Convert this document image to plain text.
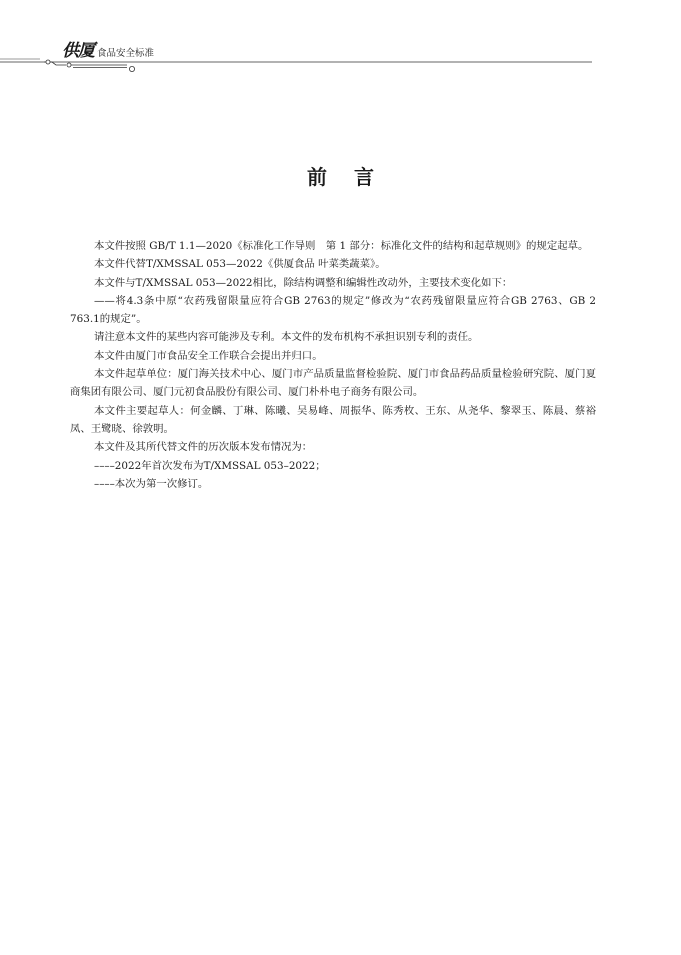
供厦 食品安全标准
前 言

本文件按照 GB/T 1.1—2020《标准化工作导则　第 1 部分：标准化文件的结构和起草规则》的规定起草。

本文件代替T/XMSSAL 053—2022《供厦食品 叶菜类蔬菜》。

本文件与T/XMSSAL 053—2022相比，除结构调整和编辑性改动外，主要技术变化如下：

——将4.3条中原“农药残留限量应符合GB 2763的规定”修改为“农药残留限量应符合GB 2763、GB 2 763.1的规定”。

请注意本文件的某些内容可能涉及专利。本文件的发布机构不承担识别专利的责任。

本文件由厦门市食品安全工作联合会提出并归口。

本文件起草单位：厦门海关技术中心、厦门市产品质量监督检验院、厦门市食品药品质量检验研究院、厦门夏商集团有限公司、厦门元初食品股份有限公司、厦门朴朴电子商务有限公司。

本文件主要起草人：何金麟、丁琳、陈曦、吴易峰、周振华、陈秀枚、王东、从尧华、黎翠玉、陈晨、蔡裕凤、王鹭晓、徐敦明。

本文件及其所代替文件的历次版本发布情况为：

––––2022年首次发布为T/XMSSAL 053–2022；

––––本次为第一次修订。
